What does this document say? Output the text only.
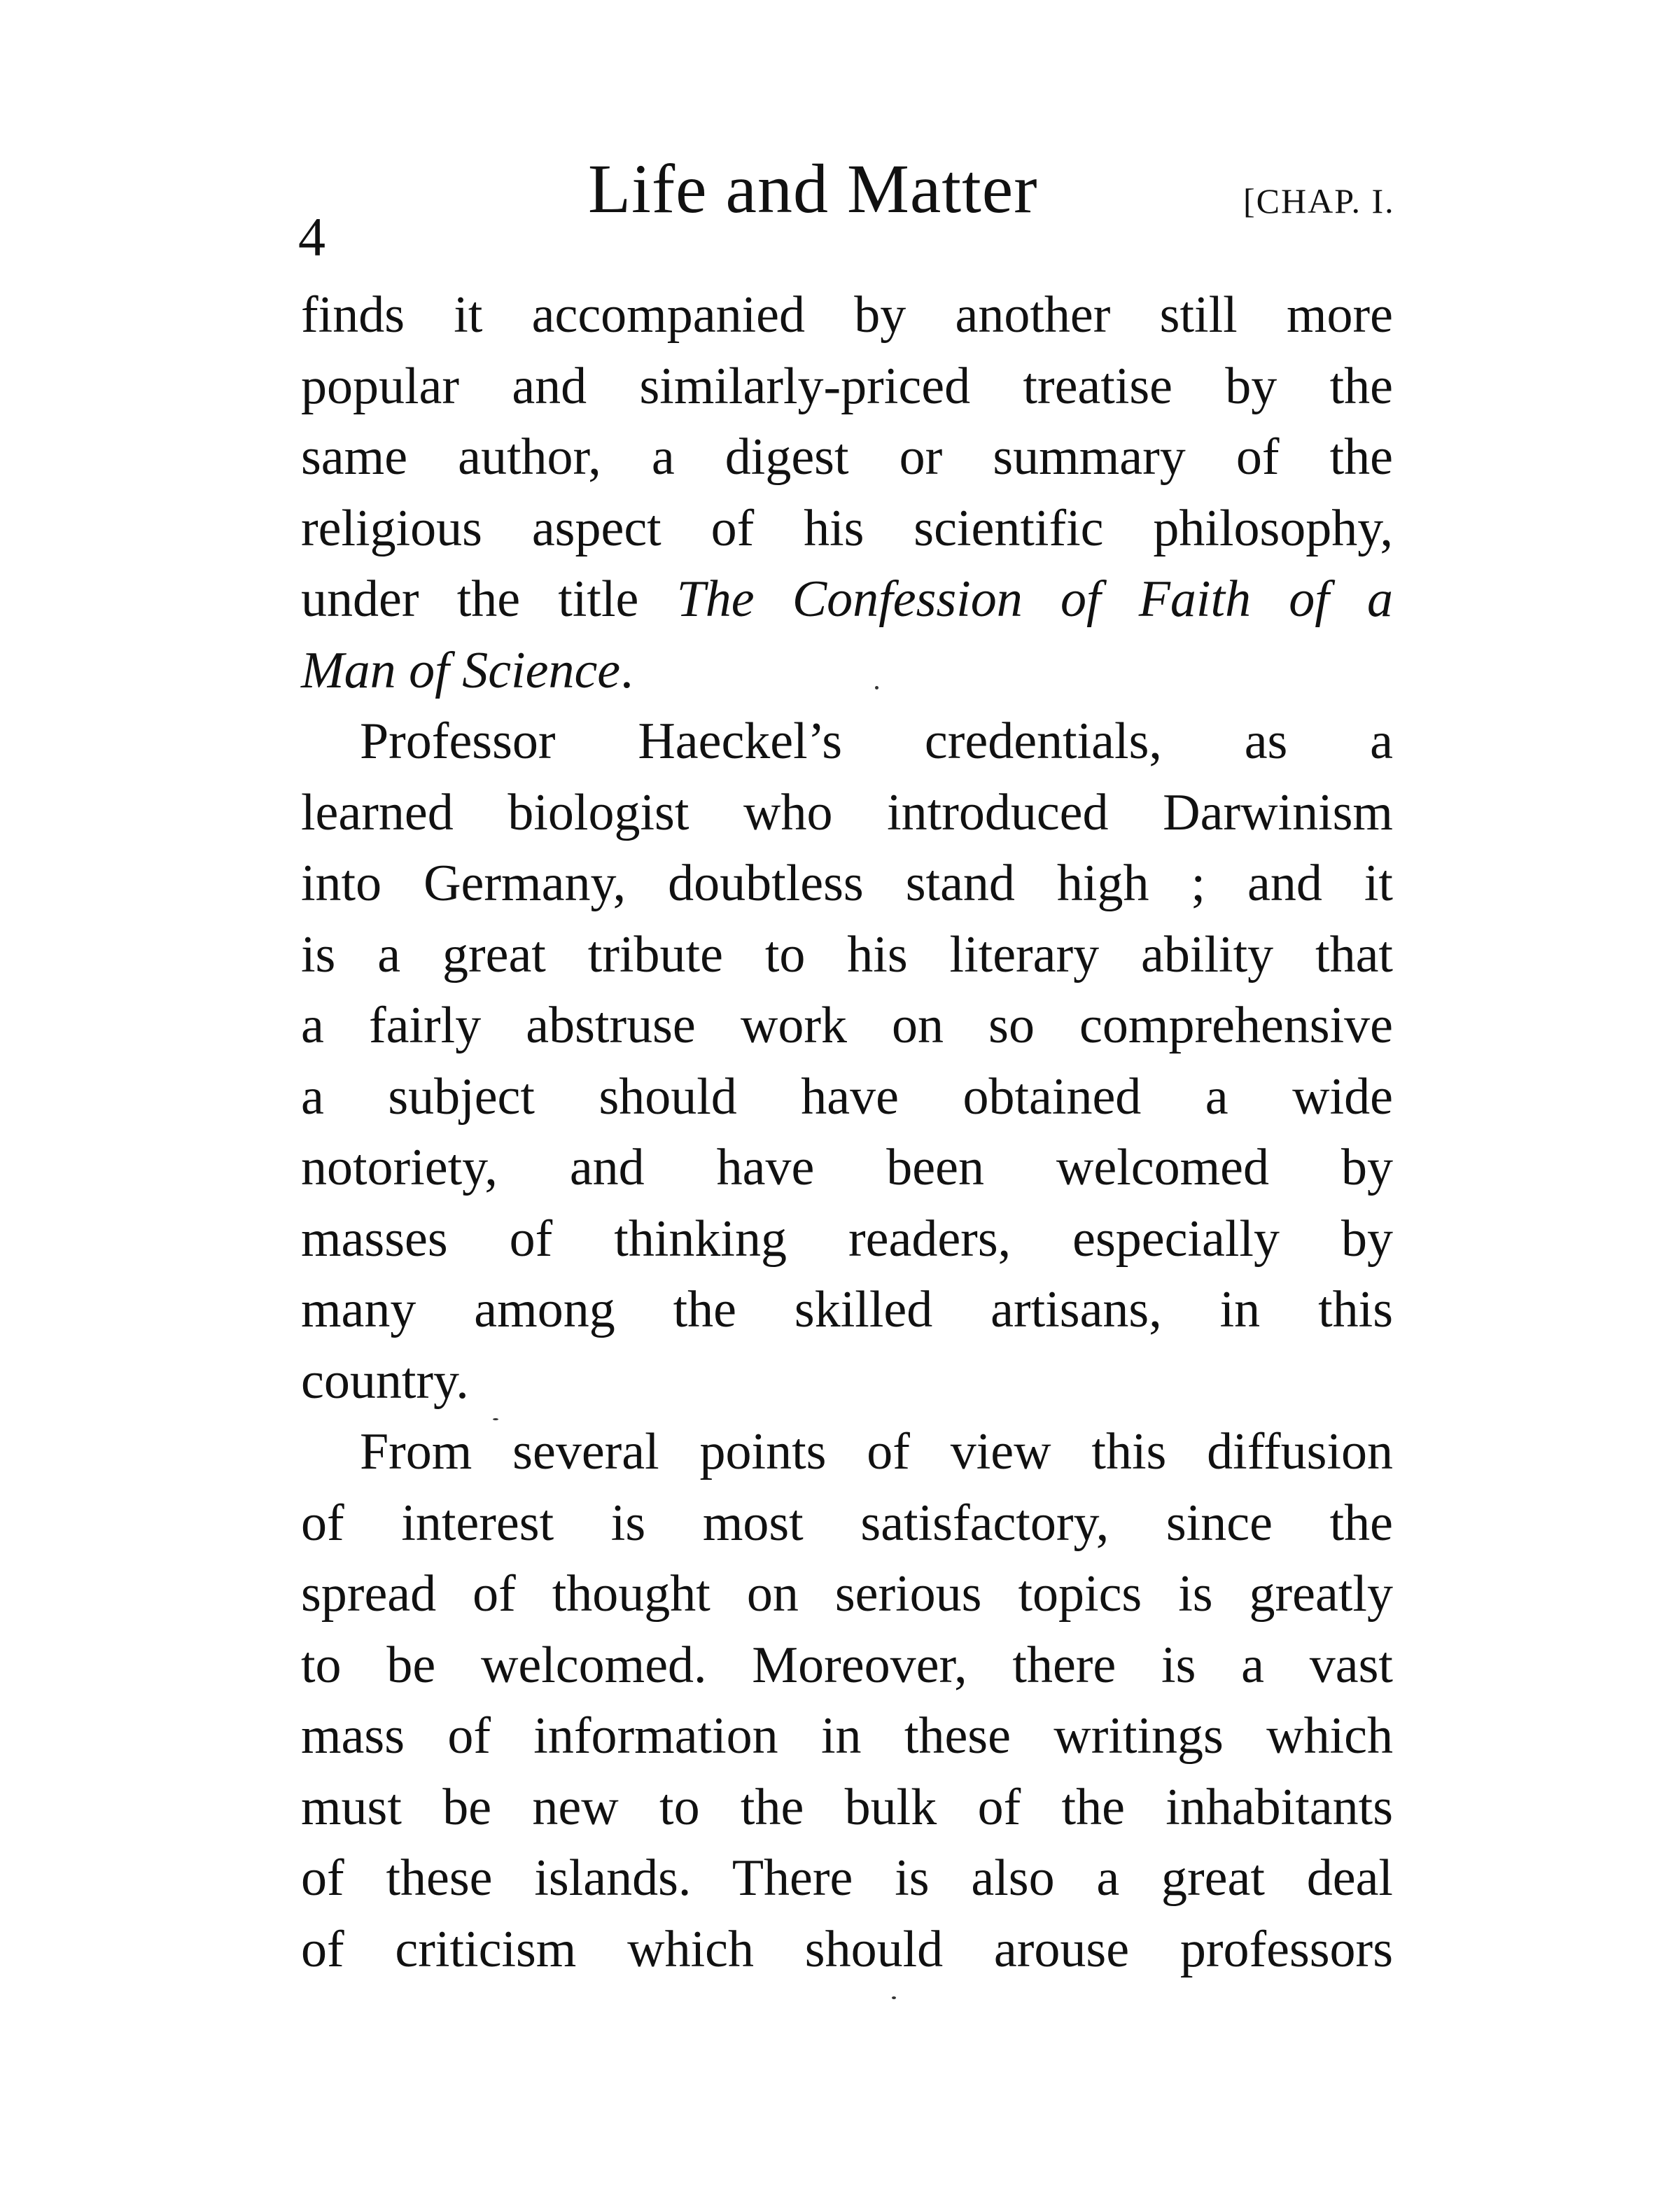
4
Life and Matter	[CHAP. I.
finds it accompanied by another still more
popular and similarly-priced treatise by the
same author, a digest or summary of the
religious aspect of his scientific philosophy,
under the title The Confession of Faith of a
Man of Science.
Professor Haeckel’s credentials, as a
learned biologist who introduced Darwinism
into Germany, doubtless stand high ; and it
is a great tribute to his literary ability that
a fairly abstruse work on so comprehensive
a subject should have obtained a wide
notoriety, and have been welcomed by
masses of thinking readers, especially by
many among the skilled artisans, in this
country.
From several points of view this diffusion
of interest is most satisfactory, since the
spread of thought on serious topics is greatly
to be welcomed. Moreover, there is a vast
mass of information in these writings which
must be new to the bulk of the inhabitants
of these islands. There is also a great deal
of criticism which should arouse professors
